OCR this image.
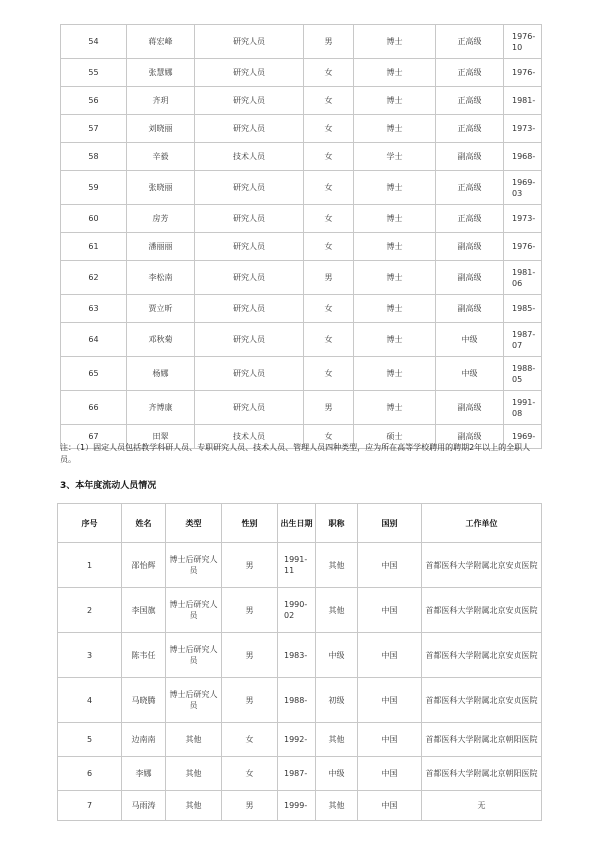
54	蒋宏峰	研究人员	男	博士	正高级	1976-10
55	张慧娜	研究人员	女	博士	正高级	1976-
56	齐玥	研究人员	女	博士	正高级	1981-
57	刘晓丽	研究人员	女	博士	正高级	1973-
58	辛毅	技术人员	女	学士	副高级	1968-
59	张晓丽	研究人员	女	博士	正高级	1969-03
60	房芳	研究人员	女	博士	正高级	1973-
61	潘丽丽	研究人员	女	博士	副高级	1976-
62	李松南	研究人员	男	博士	副高级	1981-06
63	贾立昕	研究人员	女	博士	副高级	1985-
64	邓秋菊	研究人员	女	博士	中级	1987-07
65	杨娜	研究人员	女	博士	中级	1988-05
66	齐博康	研究人员	男	博士	副高级	1991-08
67	田翠	技术人员	女	硕士	副高级	1969-
注：（1）固定人员包括教学科研人员、专职研究人员、技术人员、管理人员四种类型，应为所在高等学校聘用的聘期2年以上的全职人员。
3、本年度流动人员情况
序号	姓名	类型	性别	出生日期	职称	国别	工作单位
1	邵怡辉	博士后研究人员	男	1991-11	其他	中国	首都医科大学附属北京安贞医院
2	李国旗	博士后研究人员	男	1990-02	其他	中国	首都医科大学附属北京安贞医院
3	陈韦任	博士后研究人员	男	1983-	中级	中国	首都医科大学附属北京安贞医院
4	马晓腾	博士后研究人员	男	1988-	初级	中国	首都医科大学附属北京安贞医院
5	边南南	其他	女	1992-	其他	中国	首都医科大学附属北京朝阳医院
6	李娜	其他	女	1987-	中级	中国	首都医科大学附属北京朝阳医院
7	马雨涛	其他	男	1999-	其他	中国	无
